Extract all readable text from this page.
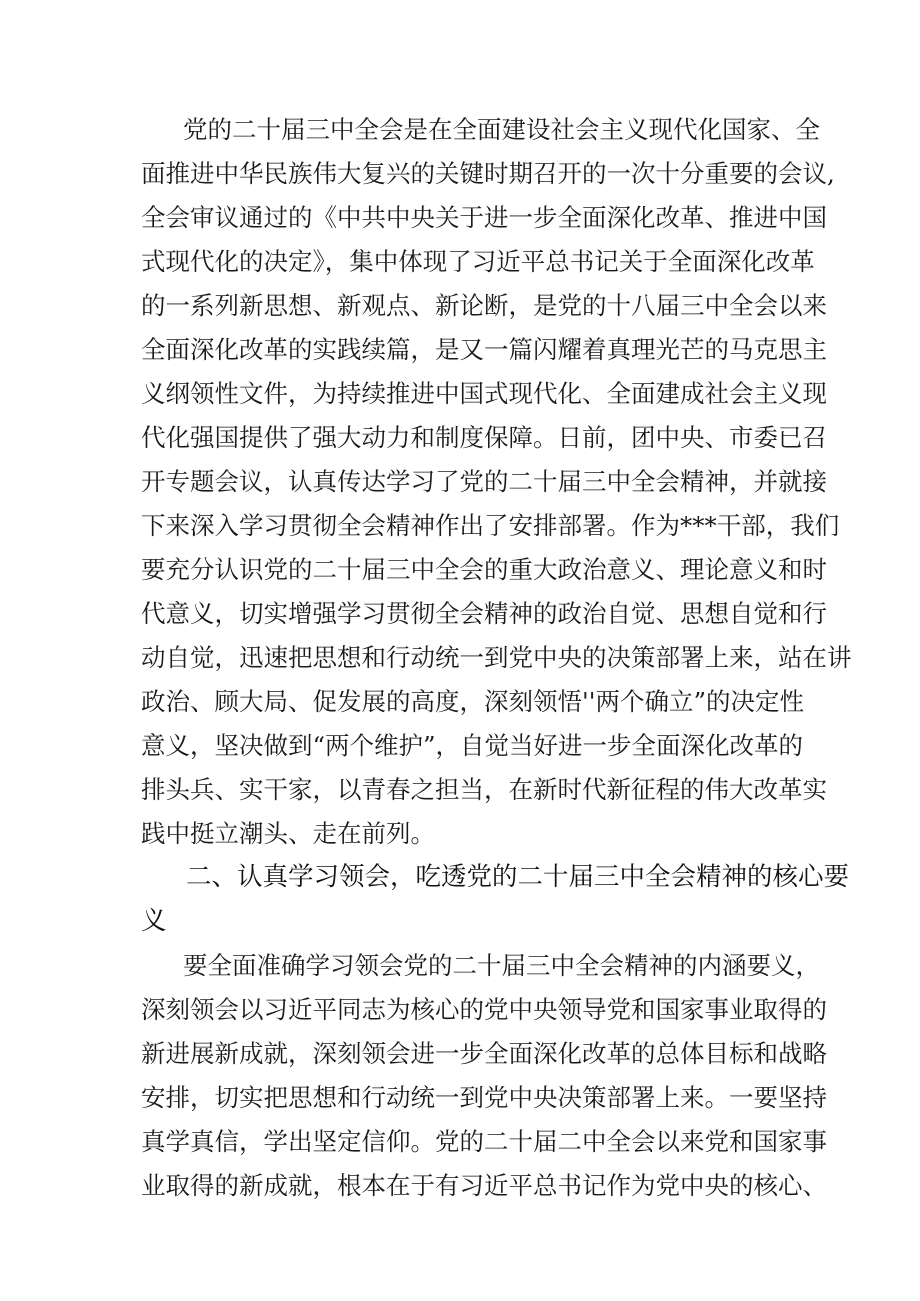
党的二十届三中全会是在全面建设社会主义现代化国家、全

面推进中华民族伟大复兴的关键时期召开的一次十分重要的会议,

全会审议通过的《中共中央关于进一步全面深化改革、推进中国

式现代化的决定》，集中体现了习近平总书记关于全面深化改革

的一系列新思想、新观点、新论断，是党的十八届三中全会以来

全面深化改革的实践续篇，是又一篇闪耀着真理光芒的马克思主

义纲领性文件，为持续推进中国式现代化、全面建成社会主义现

代化强国提供了强大动力和制度保障。日前，团中央、市委已召

开专题会议，认真传达学习了党的二十届三中全会精神，并就接

下来深入学习贯彻全会精神作出了安排部署。作为***干部，我们

要充分认识党的二十届三中全会的重大政治意义、理论意义和时

代意义，切实增强学习贯彻全会精神的政治自觉、思想自觉和行

动自觉，迅速把思想和行动统一到党中央的决策部署上来，站在讲

政治、顾大局、促发展的高度，深刻领悟''两个确立”的决定性

意义，坚决做到“两个维护”，自觉当好进一步全面深化改革的

排头兵、实干家，以青春之担当，在新时代新征程的伟大改革实

践中挺立潮头、走在前列。

二、认真学习领会，吃透党的二十届三中全会精神的核心要

义

要全面准确学习领会党的二十届三中全会精神的内涵要义，

深刻领会以习近平同志为核心的党中央领导党和国家事业取得的

新进展新成就，深刻领会进一步全面深化改革的总体目标和战略

安排，切实把思想和行动统一到党中央决策部署上来。一要坚持

真学真信，学出坚定信仰。党的二十届二中全会以来党和国家事

业取得的新成就，根本在于有习近平总书记作为党中央的核心、
